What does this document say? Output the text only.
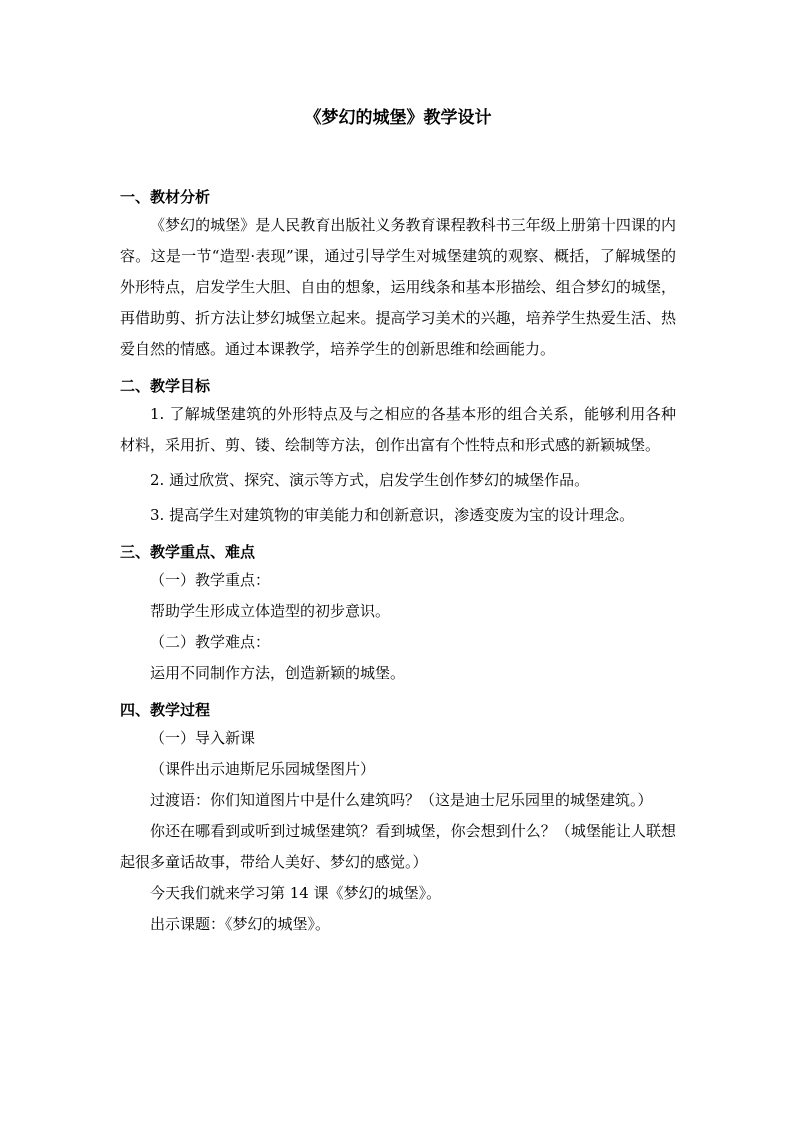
《梦幻的城堡》教学设计
一、教材分析

《梦幻的城堡》是人民教育出版社义务教育课程教科书三年级上册第十四课的内容。这是一节“造型·表现”课，通过引导学生对城堡建筑的观察、概括，了解城堡的外形特点，启发学生大胆、自由的想象，运用线条和基本形描绘、组合梦幻的城堡，再借助剪、折方法让梦幻城堡立起来。提高学习美术的兴趣，培养学生热爱生活、热爱自然的情感。通过本课教学，培养学生的创新思维和绘画能力。

二、教学目标

1. 了解城堡建筑的外形特点及与之相应的各基本形的组合关系，能够利用各种材料，采用折、剪、镂、绘制等方法，创作出富有个性特点和形式感的新颖城堡。

2. 通过欣赏、探究、演示等方式，启发学生创作梦幻的城堡作品。

3. 提高学生对建筑物的审美能力和创新意识，渗透变废为宝的设计理念。

三、教学重点、难点

（一）教学重点：

帮助学生形成立体造型的初步意识。

（二）教学难点：

运用不同制作方法，创造新颖的城堡。

四、教学过程

（一）导入新课

（课件出示迪斯尼乐园城堡图片）

过渡语：你们知道图片中是什么建筑吗？（这是迪士尼乐园里的城堡建筑。）

你还在哪看到或听到过城堡建筑？看到城堡，你会想到什么？（城堡能让人联想起很多童话故事，带给人美好、梦幻的感觉。）

今天我们就来学习第 14 课《梦幻的城堡》。

出示课题：《梦幻的城堡》。
